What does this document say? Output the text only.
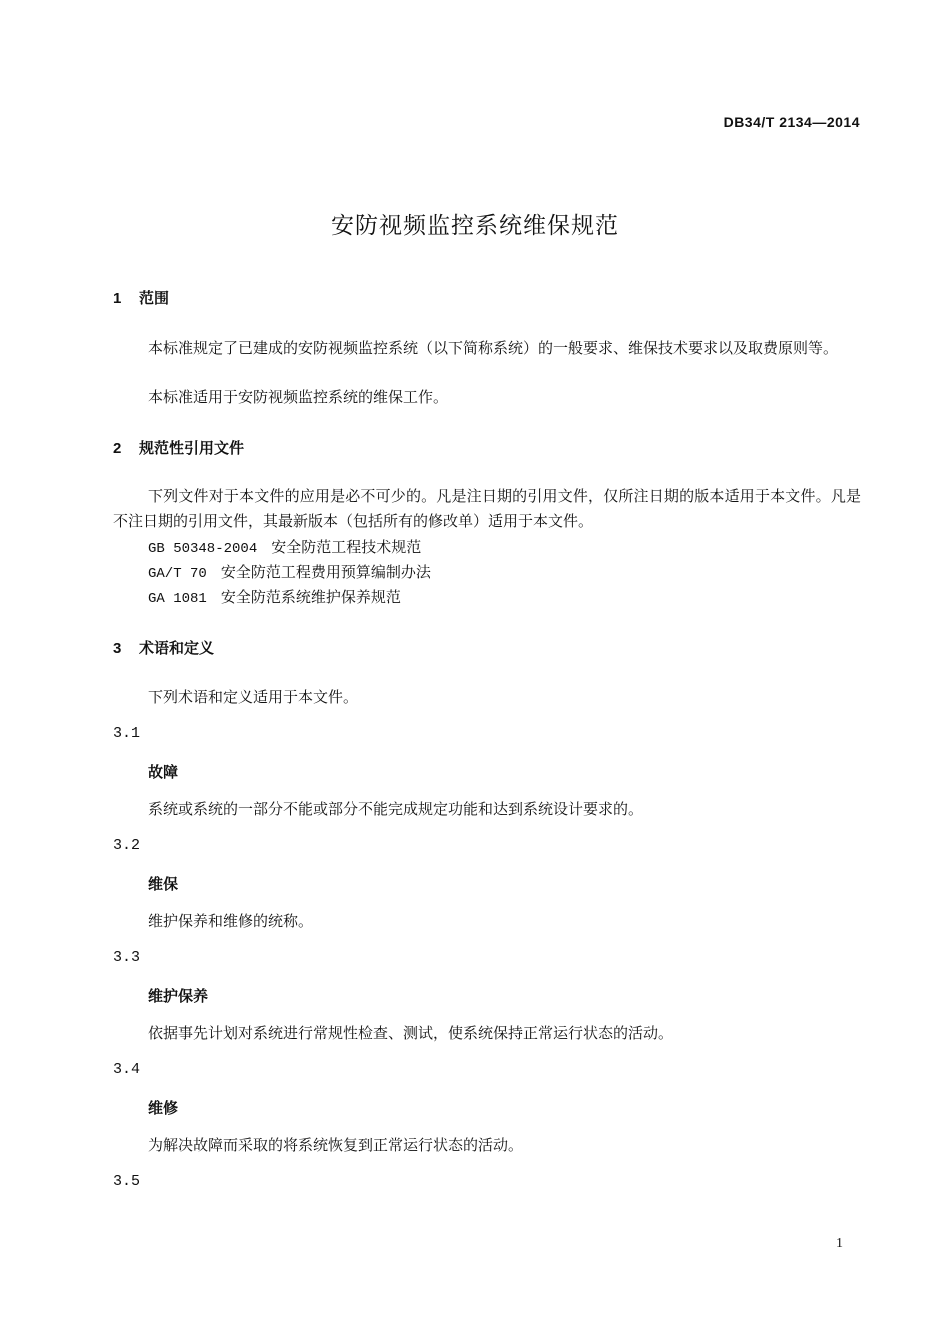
DB34/T 2134—2014
安防视频监控系统维保规范
1 范围
本标准规定了已建成的安防视频监控系统（以下简称系统）的一般要求、维保技术要求以及取费原则等。
本标准适用于安防视频监控系统的维保工作。
2 规范性引用文件
下列文件对于本文件的应用是必不可少的。凡是注日期的引用文件，仅所注日期的版本适用于本文件。凡是不注日期的引用文件，其最新版本（包括所有的修改单）适用于本文件。
GB 50348-2004 安全防范工程技术规范
GA/T 70 安全防范工程费用预算编制办法
GA 1081 安全防范系统维护保养规范
3 术语和定义
下列术语和定义适用于本文件。
3.1
故障
系统或系统的一部分不能或部分不能完成规定功能和达到系统设计要求的。
3.2
维保
维护保养和维修的统称。
3.3
维护保养
依据事先计划对系统进行常规性检查、测试，使系统保持正常运行状态的活动。
3.4
维修
为解决故障而采取的将系统恢复到正常运行状态的活动。
3.5
1
